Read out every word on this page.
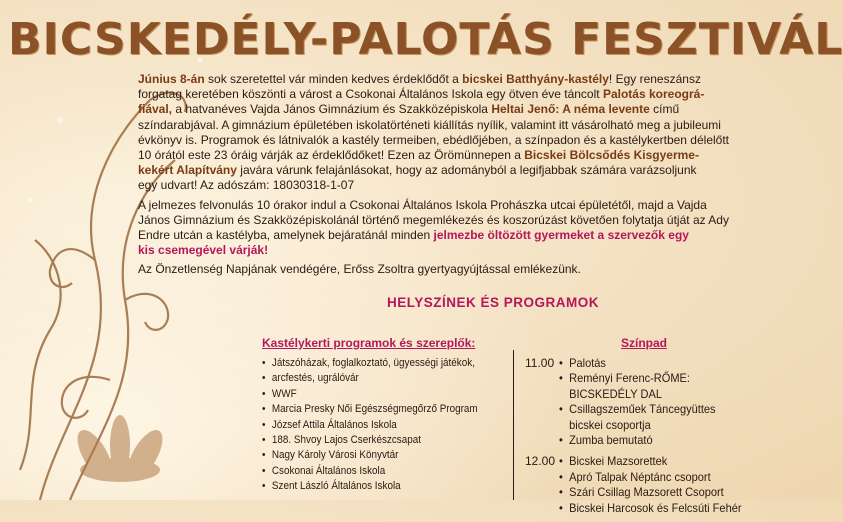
BICSKEDÉLY-PALOTÁS FESZTIVÁL

Június 8-án sok szeretettel vár minden kedves érdeklődőt a bicskei Batthyány-kastély! Egy reneszánsz
forgatag keretében köszönti a várost a Csokonai Általános Iskola egy ötven éve táncolt Palotás koreográ-
fiával, a hatvanéves Vajda János Gimnázium és Szakközépiskola Heltai Jenő: A néma levente című
színdarabjával. A gimnázium épületében iskolatörténeti kiállítás nyílik, valamint itt vásárolható meg a jubileumi
évkönyv is. Programok és látnivalók a kastély termeiben, ebédlőjében, a színpadon és a kastélykertben délelőtt
10 órától este 23 óráig várják az érdeklődőket! Ezen az Örömünnepen a Bicskei Bölcsődés Kisgyerme-
kekért Alapítvány javára várunk felajánlásokat, hogy az adományból a legifjabbak számára varázsoljunk
egy udvart! Az adószám: 18030318-1-07

A jelmezes felvonulás 10 órakor indul a Csokonai Általános Iskola Prohászka utcai épületétől, majd a Vajda
János Gimnázium és Szakközépiskolánál történő megemlékezés és koszorúzást követően folytatja útját az Ady
Endre utcán a kastélyba, amelynek bejáratánál minden jelmezbe öltözött gyermeket a szervezők egy
kis csemegével várják!

Az Önzetlenség Napjának vendégére, Erőss Zsoltra gyertyagyújtással emlékezünk.

HELYSZÍNEK ÉS PROGRAMOK

Kastélykerti programok és szereplők:

• Játszóházak, foglalkoztató, ügyességi játékok,
• arcfestés, ugrálóvár
• WWF
• Marcia Presky Női Egészségmegőrző Program
• József Attila Általános Iskola
• 188. Shvoy Lajos Cserkészcsapat
• Nagy Károly Városi Könyvtár
• Csokonai Általános Iskola
• Szent László Általános Iskola

Színpad

11.00	• Palotás
• Reményi Ferenc-RŐME:
BICSKEDÉLY DAL
• Csillagszeműek Táncegyüttes
bicskei csoportja
• Zumba bemutató
12.00	• Bicskei Mazsorettek
• Apró Talpak Néptánc csoport
• Szári Csillag Mazsorett Csoport
• Bicskei Harcosok és Felcsúti Fehér
